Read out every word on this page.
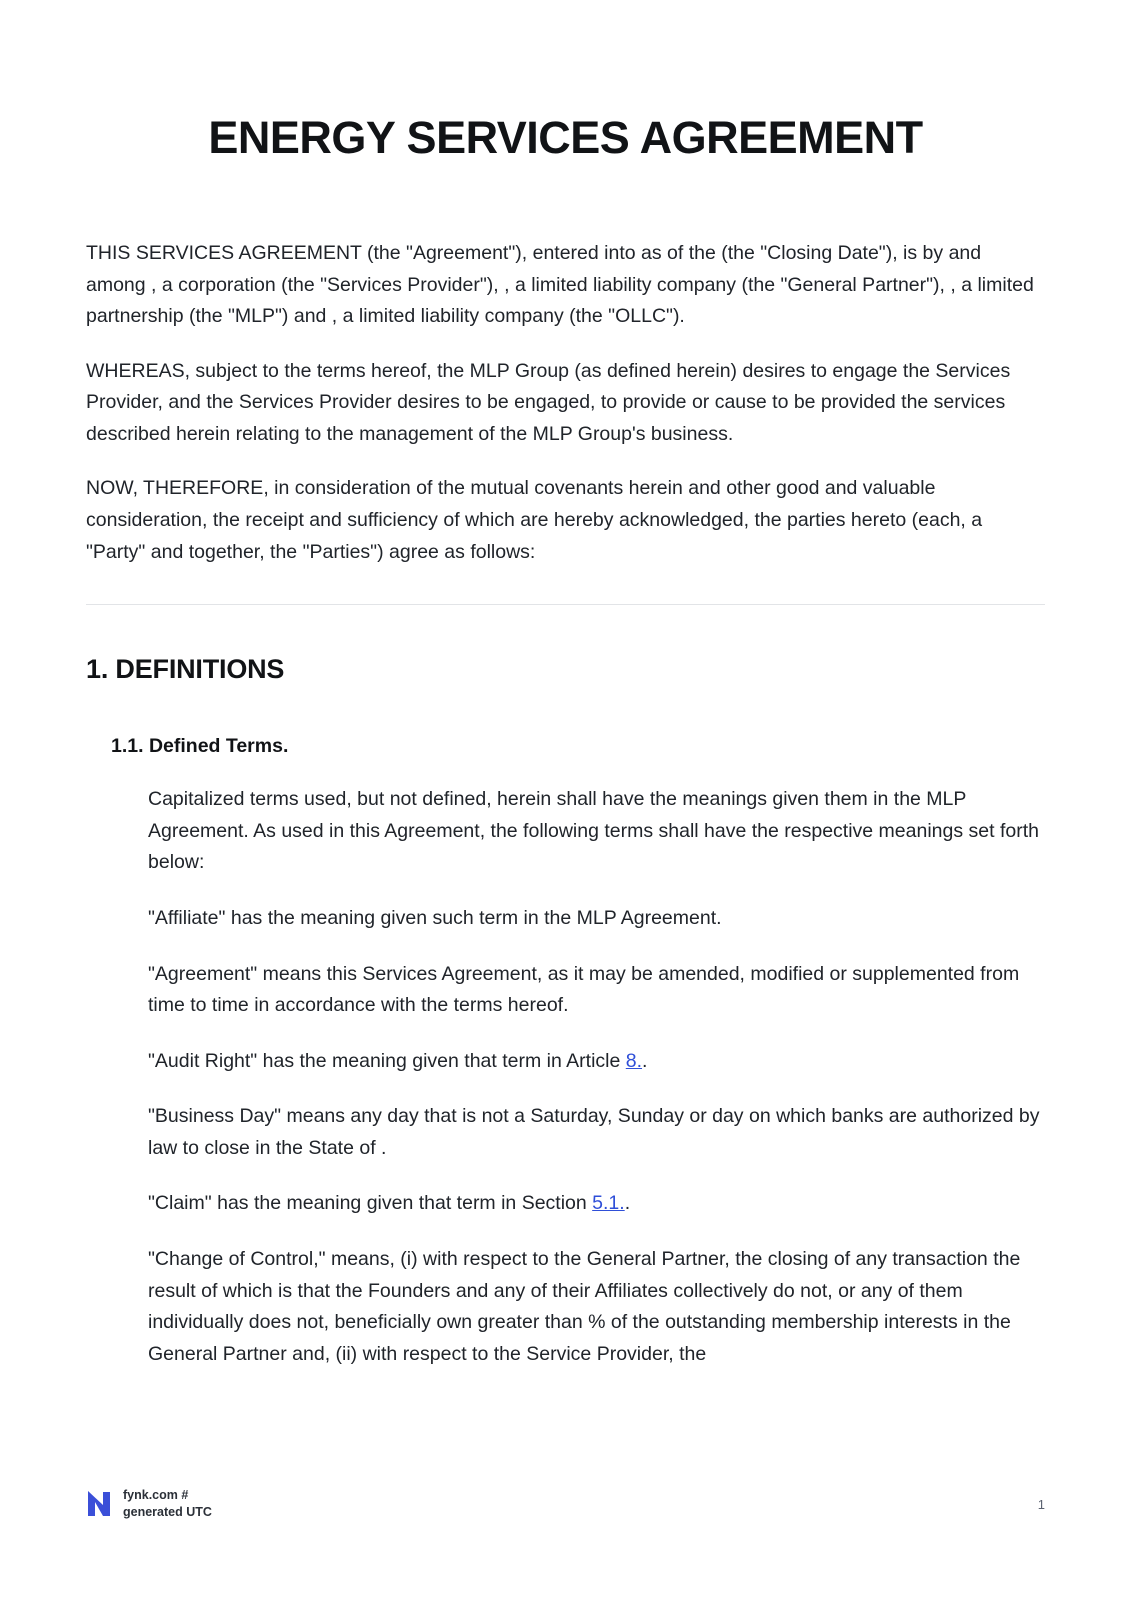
ENERGY SERVICES AGREEMENT

THIS SERVICES AGREEMENT (the "Agreement"), entered into as of the (the "Closing Date"), is by and among , a corporation (the "Services Provider"), , a limited liability company (the "General Partner"), , a limited partnership (the "MLP") and , a limited liability company (the "OLLC").

WHEREAS, subject to the terms hereof, the MLP Group (as defined herein) desires to engage the Services Provider, and the Services Provider desires to be engaged, to provide or cause to be provided the services described herein relating to the management of the MLP Group's business.

NOW, THEREFORE, in consideration of the mutual covenants herein and other good and valuable consideration, the receipt and sufficiency of which are hereby acknowledged, the parties hereto (each, a "Party" and together, the "Parties") agree as follows:

1. DEFINITIONS
1.1. Defined Terms.

Capitalized terms used, but not defined, herein shall have the meanings given them in the MLP Agreement. As used in this Agreement, the following terms shall have the respective meanings set forth below:

"Affiliate" has the meaning given such term in the MLP Agreement.

"Agreement" means this Services Agreement, as it may be amended, modified or supplemented from time to time in accordance with the terms hereof.

"Audit Right" has the meaning given that term in Article 8..

"Business Day" means any day that is not a Saturday, Sunday or day on which banks are authorized by law to close in the State of .

"Claim" has the meaning given that term in Section 5.1..

"Change of Control," means, (i) with respect to the General Partner, the closing of any transaction the result of which is that the Founders and any of their Affiliates collectively do not, or any of them individually does not, beneficially own greater than % of the outstanding membership interests in the General Partner and, (ii) with respect to the Service Provider, the

fynk.com #
generated UTC
1
